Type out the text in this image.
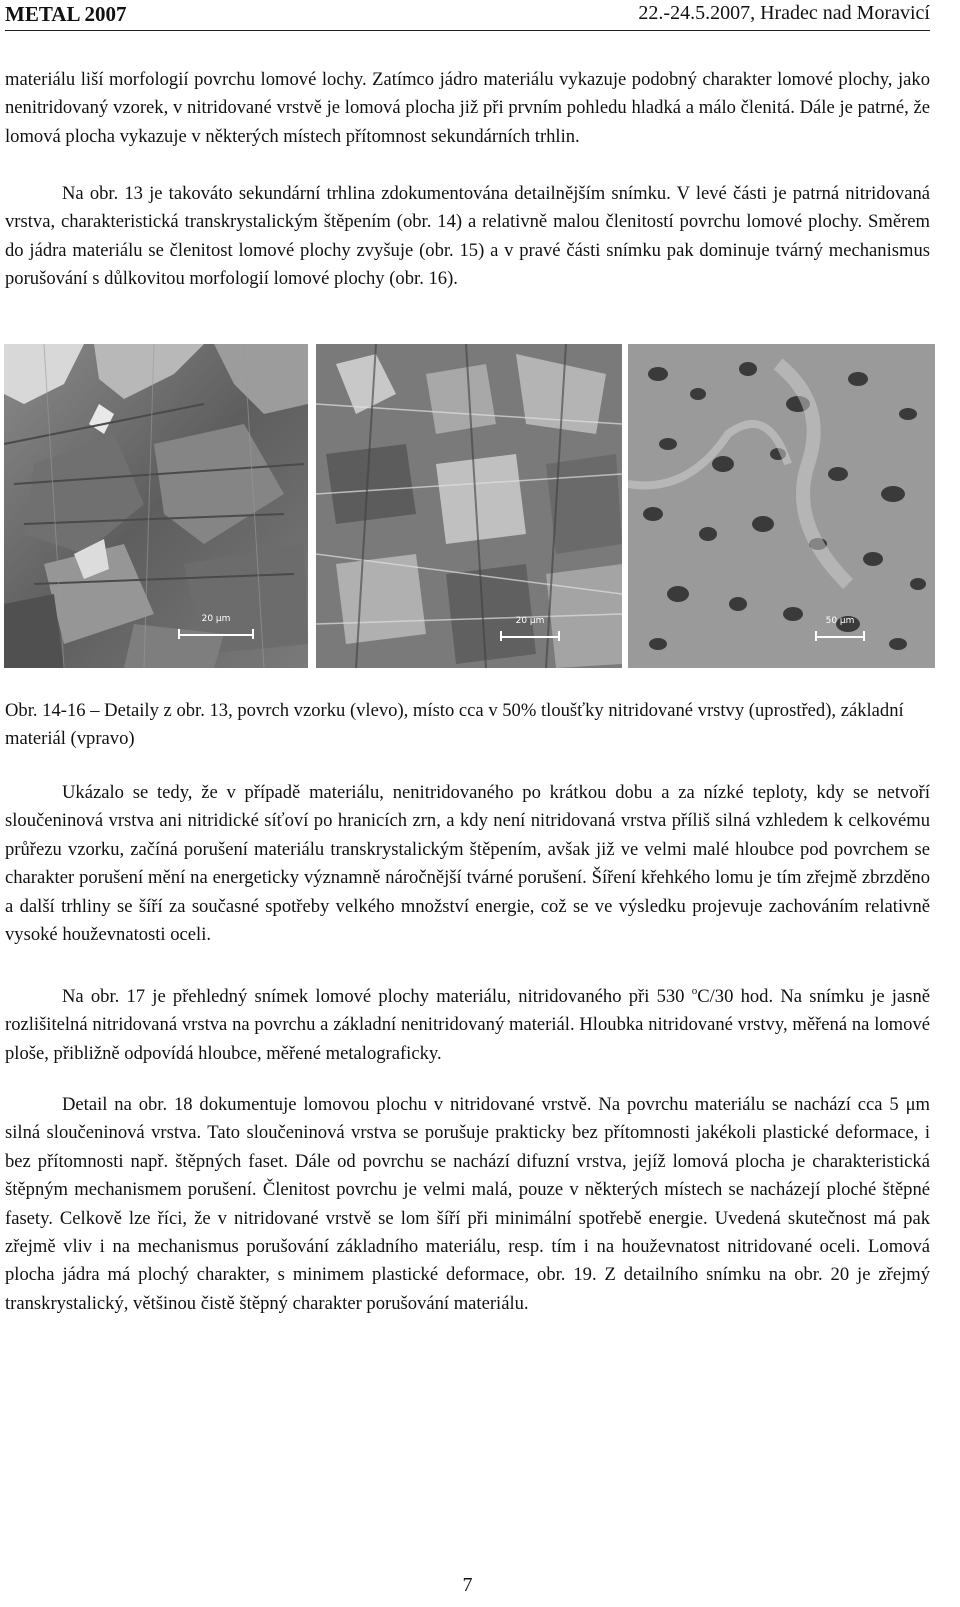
METAL 2007	22.-24.5.2007, Hradec nad Moravicí

materiálu liší morfologií povrchu lomové lochy. Zatímco jádro materiálu vykazuje podobný charakter lomové plochy, jako nenitridovaný vzorek, v nitridované vrstvě je lomová plocha již při prvním pohledu hladká a málo členitá. Dále je patrné, že lomová plocha vykazuje v některých místech přítomnost sekundárních trhlin.

Na obr. 13 je takováto sekundární trhlina zdokumentována detailnějším snímku. V levé části je patrná nitridovaná vrstva, charakteristická transkrystalickým štěpením (obr. 14) a relativně malou členitostí povrchu lomové plochy. Směrem do jádra materiálu se členitost lomové plochy zvyšuje (obr. 15) a v pravé části snímku pak dominuje tvárný mechanismus porušování s důlkovitou morfologií lomové plochy (obr. 16).

20 µm	20 µm	50 µm

Obr. 14-16 – Detaily z obr. 13, povrch vzorku (vlevo), místo cca v 50% tloušťky nitridované vrstvy (uprostřed), základní materiál (vpravo)

Ukázalo se tedy, že v případě materiálu, nenitridovaného po krátkou dobu a za nízké teploty, kdy se netvoří sloučeninová vrstva ani nitridické síťoví po hranicích zrn, a kdy není nitridovaná vrstva příliš silná vzhledem k celkovému průřezu vzorku, začíná porušení materiálu transkrystalickým štěpením, avšak již ve velmi malé hloubce pod povrchem se charakter porušení mění na energeticky významně náročnější tvárné porušení. Šíření křehkého lomu je tím zřejmě zbrzděno a další trhliny se šíří za současné spotřeby velkého množství energie, což se ve výsledku projevuje zachováním relativně vysoké houževnatosti oceli.

Na obr. 17 je přehledný snímek lomové plochy materiálu, nitridovaného při 530 $^o$C/30 hod. Na snímku je jasně rozlišitelná nitridovaná vrstva na povrchu a základní nenitridovaný materiál. Hloubka nitridované vrstvy, měřená na lomové ploše, přibližně odpovídá hloubce, měřené metalograficky.

Detail na obr. 18 dokumentuje lomovou plochu v nitridované vrstvě. Na povrchu materiálu se nachází cca 5 μm silná sloučeninová vrstva. Tato sloučeninová vrstva se porušuje prakticky bez přítomnosti jakékoli plastické deformace, i bez přítomnosti např. štěpných faset. Dále od povrchu se nachází difuzní vrstva, jejíž lomová plocha je charakteristická štěpným mechanismem porušení. Členitost povrchu je velmi malá, pouze v některých místech se nacházejí ploché štěpné fasety. Celkově lze říci, že v nitridované vrstvě se lom šíří při minimální spotřebě energie. Uvedená skutečnost má pak zřejmě vliv i na mechanismus porušování základního materiálu, resp. tím i na houževnatost nitridované oceli. Lomová plocha jádra má plochý charakter, s minimem plastické deformace, obr. 19. Z detailního snímku na obr. 20 je zřejmý transkrystalický, většinou čistě štěpný charakter porušování materiálu.

7
